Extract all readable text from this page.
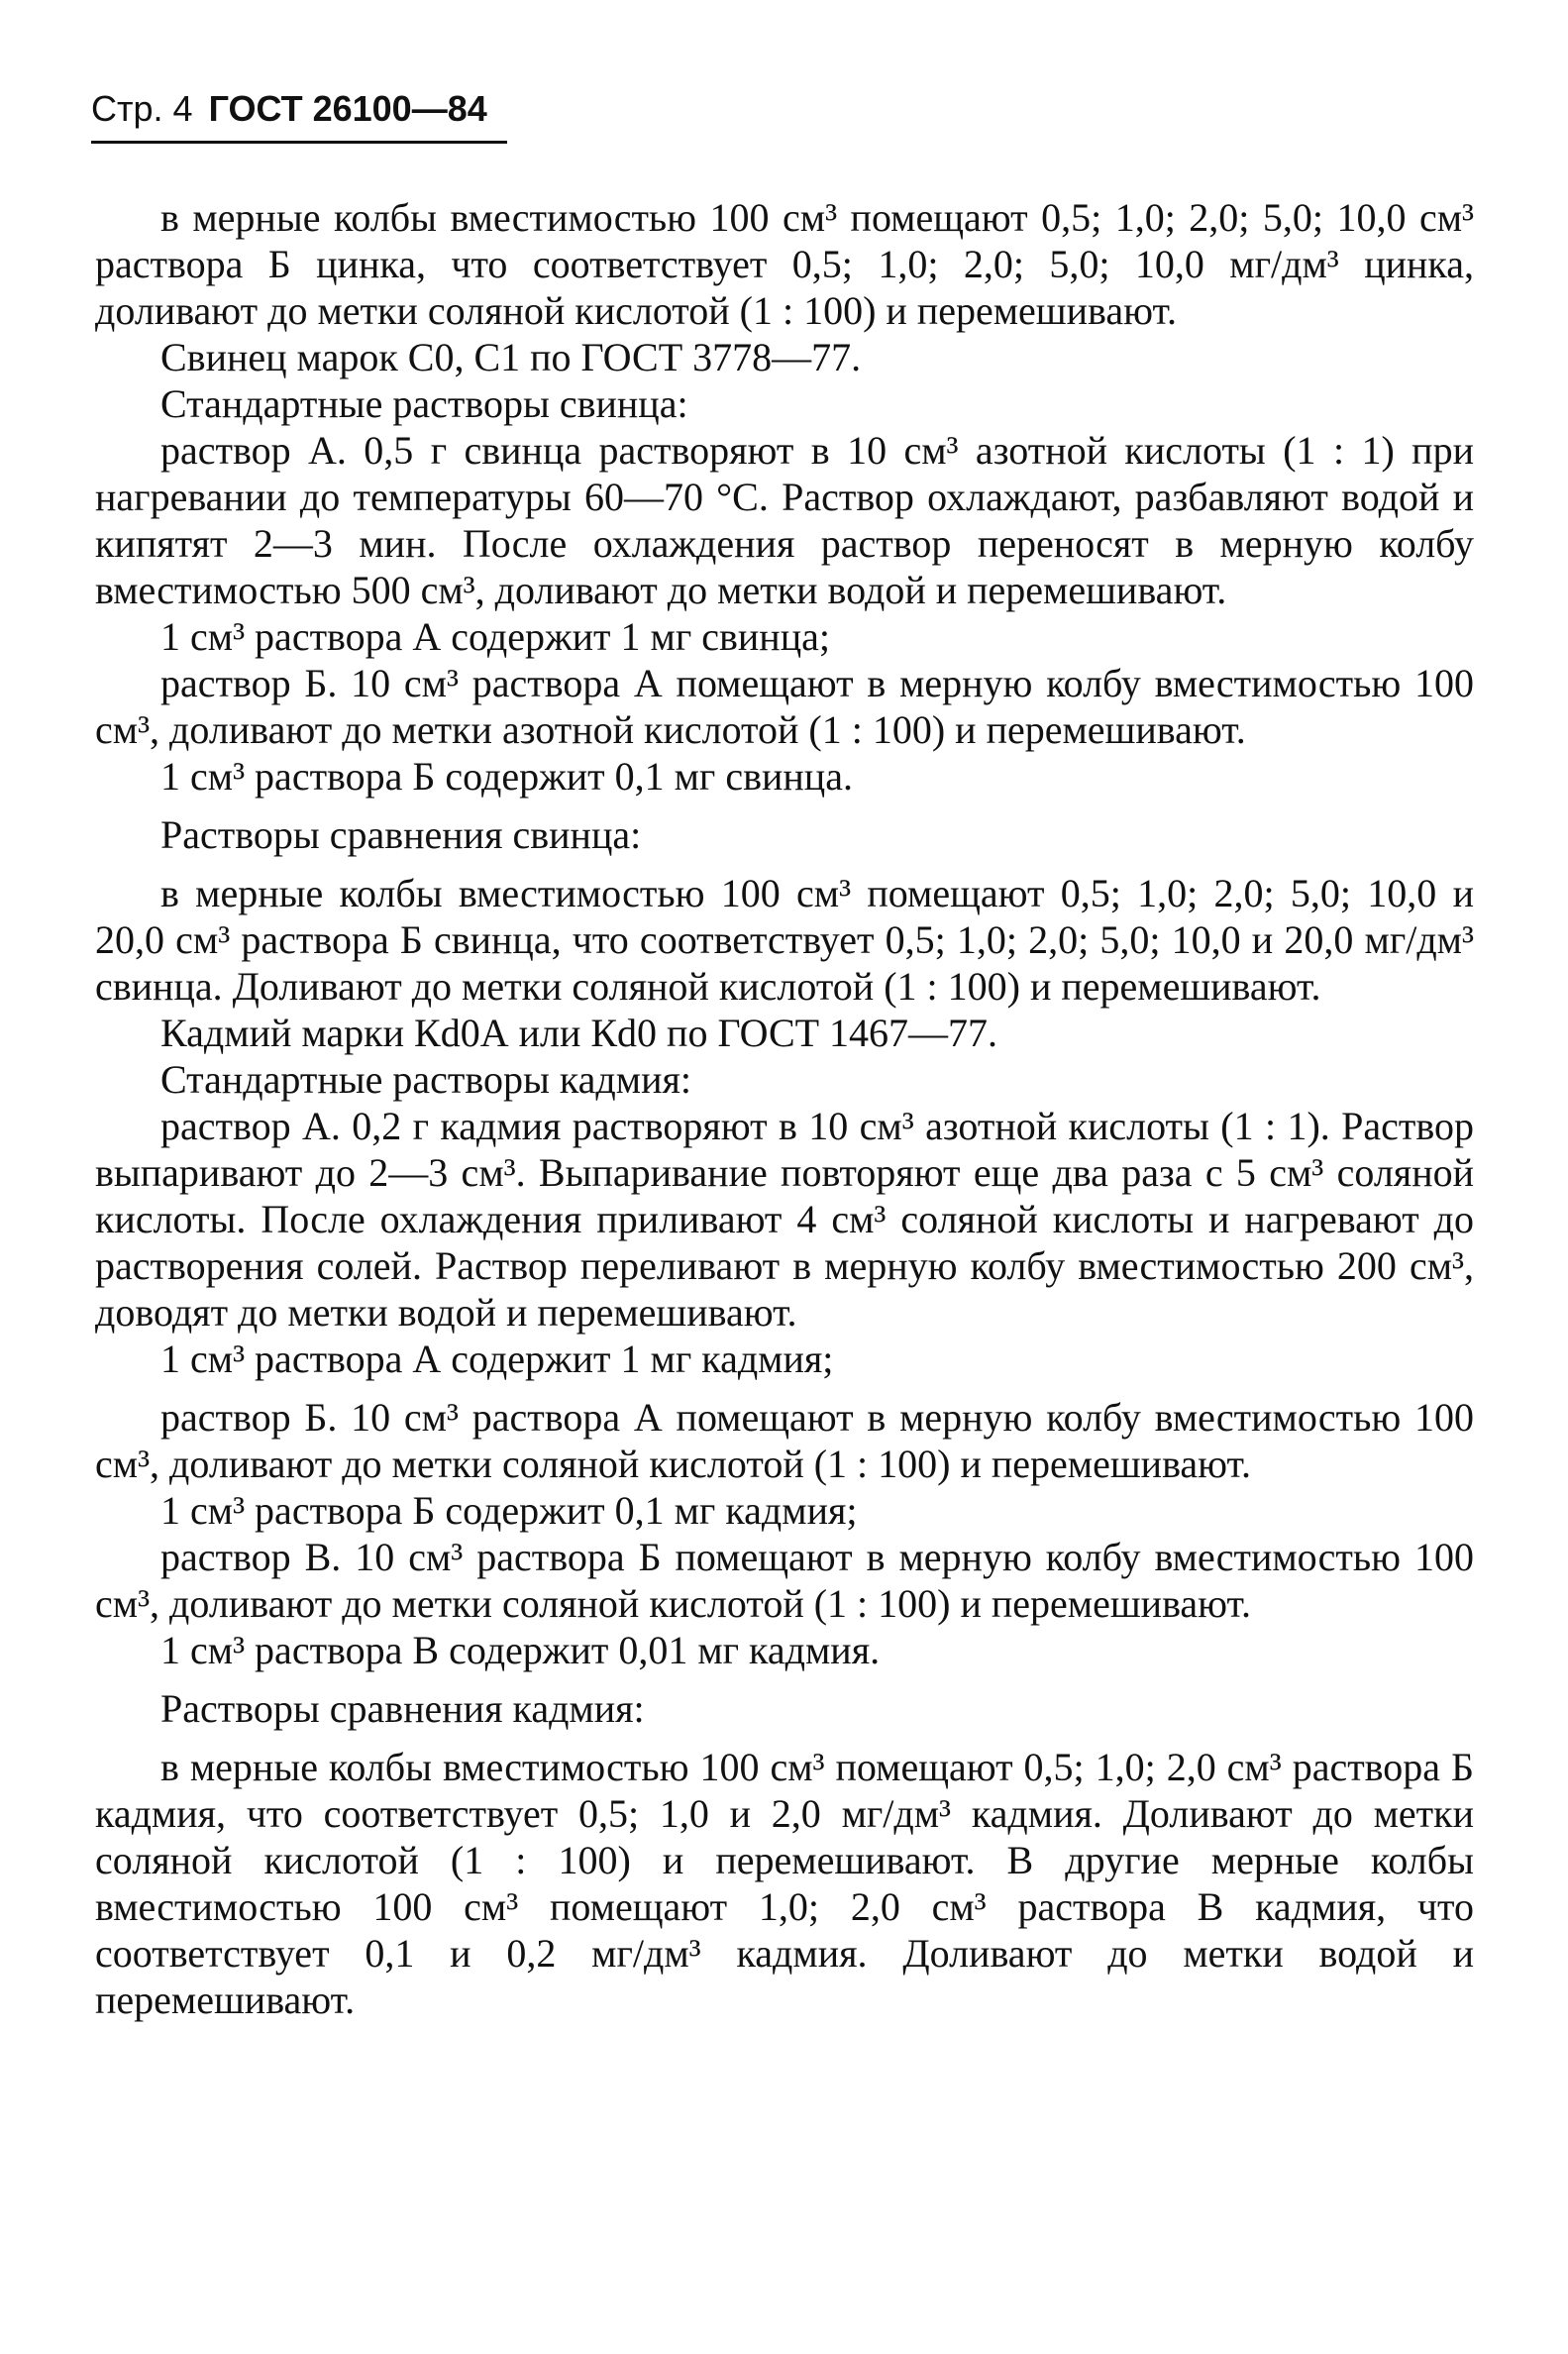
Стр. 4 ГОСТ 26100—84

в мерные колбы вместимостью 100 см³ помещают 0,5; 1,0; 2,0; 5,0; 10,0 см³ раствора Б цинка, что соответствует 0,5; 1,0; 2,0; 5,0; 10,0 мг/дм³ цинка, доливают до метки соляной кислотой (1 : 100) и перемешивают.

Свинец марок С0, С1 по ГОСТ 3778—77.

Стандартные растворы свинца:

раствор А. 0,5 г свинца растворяют в 10 см³ азотной кислоты (1 : 1) при нагревании до температуры 60—70 °С. Раствор охлаждают, разбавляют водой и кипятят 2—3 мин. После охлаждения раствор переносят в мерную колбу вместимостью 500 см³, доливают до метки водой и перемешивают.

1 см³ раствора А содержит 1 мг свинца;

раствор Б. 10 см³ раствора А помещают в мерную колбу вместимостью 100 см³, доливают до метки азотной кислотой (1 : 100) и перемешивают.

1 см³ раствора Б содержит 0,1 мг свинца.

Растворы сравнения свинца:

в мерные колбы вместимостью 100 см³ помещают 0,5; 1,0; 2,0; 5,0; 10,0 и 20,0 см³ раствора Б свинца, что соответствует 0,5; 1,0; 2,0; 5,0; 10,0 и 20,0 мг/дм³ свинца. Доливают до метки соляной кислотой (1 : 100) и перемешивают.

Кадмий марки Кd0А или Кd0 по ГОСТ 1467—77.

Стандартные растворы кадмия:

раствор А. 0,2 г кадмия растворяют в 10 см³ азотной кислоты (1 : 1). Раствор выпаривают до 2—3 см³. Выпаривание повторяют еще два раза с 5 см³ соляной кислоты. После охлаждения приливают 4 см³ соляной кислоты и нагревают до растворения солей. Раствор переливают в мерную колбу вместимостью 200 см³, доводят до метки водой и перемешивают.

1 см³ раствора А содержит 1 мг кадмия;

раствор Б. 10 см³ раствора А помещают в мерную колбу вместимостью 100 см³, доливают до метки соляной кислотой (1 : 100) и перемешивают.

1 см³ раствора Б содержит 0,1 мг кадмия;

раствор В. 10 см³ раствора Б помещают в мерную колбу вместимостью 100 см³, доливают до метки соляной кислотой (1 : 100) и перемешивают.

1 см³ раствора В содержит 0,01 мг кадмия.

Растворы сравнения кадмия:

в мерные колбы вместимостью 100 см³ помещают 0,5; 1,0; 2,0 см³ раствора Б кадмия, что соответствует 0,5; 1,0 и 2,0 мг/дм³ кадмия. Доливают до метки соляной кислотой (1 : 100) и перемешивают. В другие мерные колбы вместимостью 100 см³ помещают 1,0; 2,0 см³ раствора В кадмия, что соответствует 0,1 и 0,2 мг/дм³ кадмия. Доливают до метки водой и перемешивают.
